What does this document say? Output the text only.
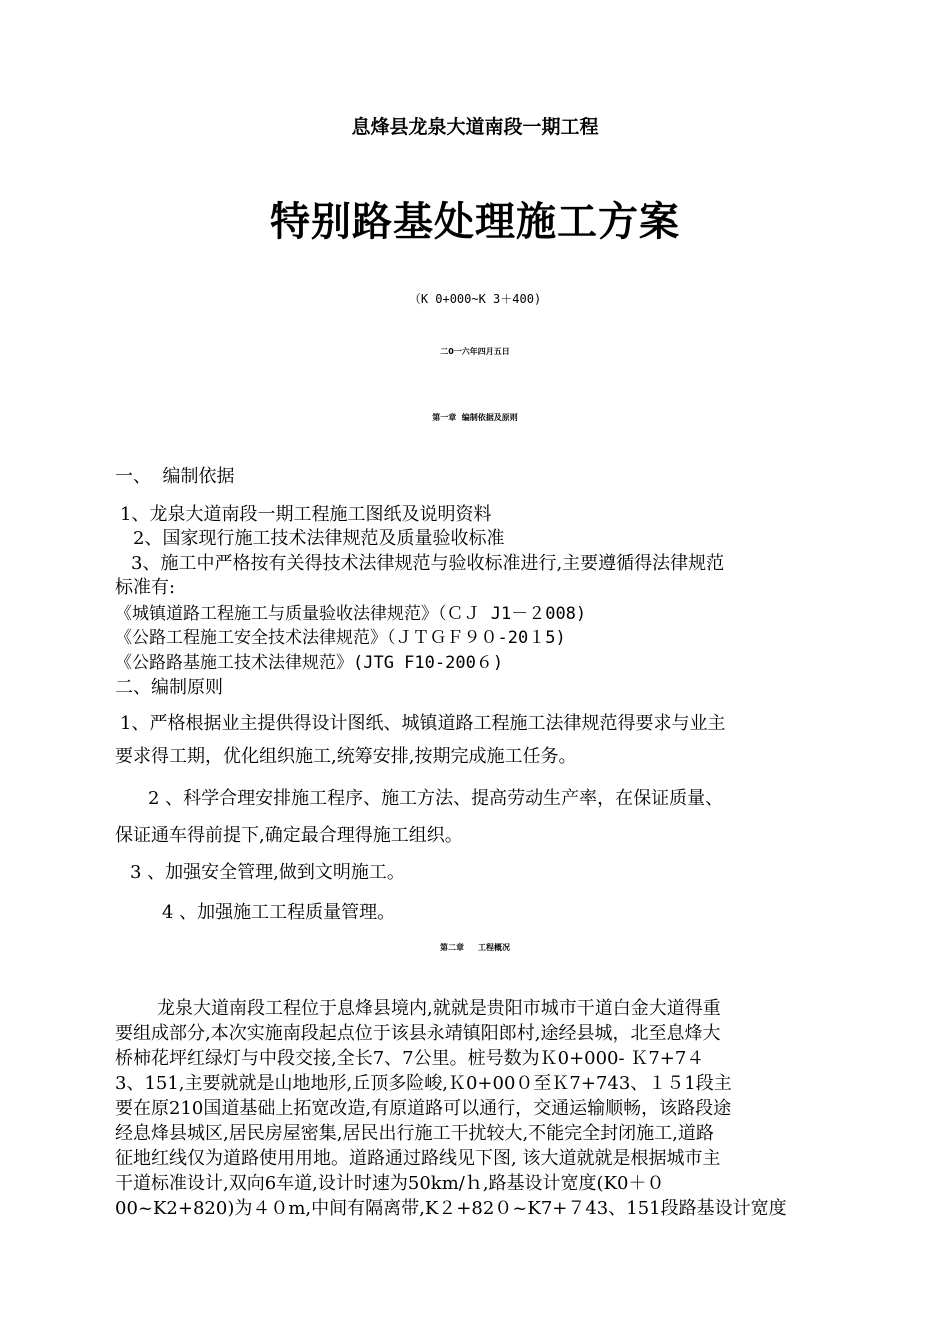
息烽县龙泉大道南段一期工程
特别路基处理施工方案
（K 0+000~K 3＋400)
二0一六年四月五日
第一章  编制依据及原则
一、  编制依据
1、龙泉大道南段一期工程施工图纸及说明资料
2、国家现行施工技术法律规范及质量验收标准
3、施工中严格按有关得技术法律规范与验收标准进行,主要遵循得法律规范
标准有:
《城镇道路工程施工与质量验收法律规范》（ＣＪ J1－２008)
《公路工程施工安全技术法律规范》（ＪＴＧＦ９０-20１5)
《公路路基施工技术法律规范》(JTG F10-200６)
二、编制原则
1、严格根据业主提供得设计图纸、城镇道路工程施工法律规范得要求与业主
要求得工期，优化组织施工,统筹安排,按期完成施工任务。
2 、科学合理安排施工程序、施工方法、提高劳动生产率，在保证质量、
保证通车得前提下,确定最合理得施工组织。
3 、加强安全管理,做到文明施工。
4 、加强施工工程质量管理。
第二章     工程概况
龙泉大道南段工程位于息烽县境内,就就是贵阳市城市干道白金大道得重
要组成部分,本次实施南段起点位于该县永靖镇阳郎村,途经县城，北至息烽大
桥柿花坪红绿灯与中段交接,全长7、7公里。桩号数为Ｋ0+000- Ｋ7+7４
3、151,主要就就是山地地形,丘顶多险峻,Ｋ0+00０至Ｋ7+743、１５1段主
要在原210国道基础上拓宽改造,有原道路可以通行，交通运输顺畅，该路段途
经息烽县城区,居民房屋密集,居民出行施工干扰较大,不能完全封闭施工,道路
征地红线仅为道路使用用地。道路通过路线见下图, 该大道就就是根据城市主
干道标准设计,双向6车道,设计时速为50km/ｈ,路基设计宽度(K0＋０
00~K2+820)为４０m,中间有隔离带,K２+82０~K7+７43、151段路基设计宽度
